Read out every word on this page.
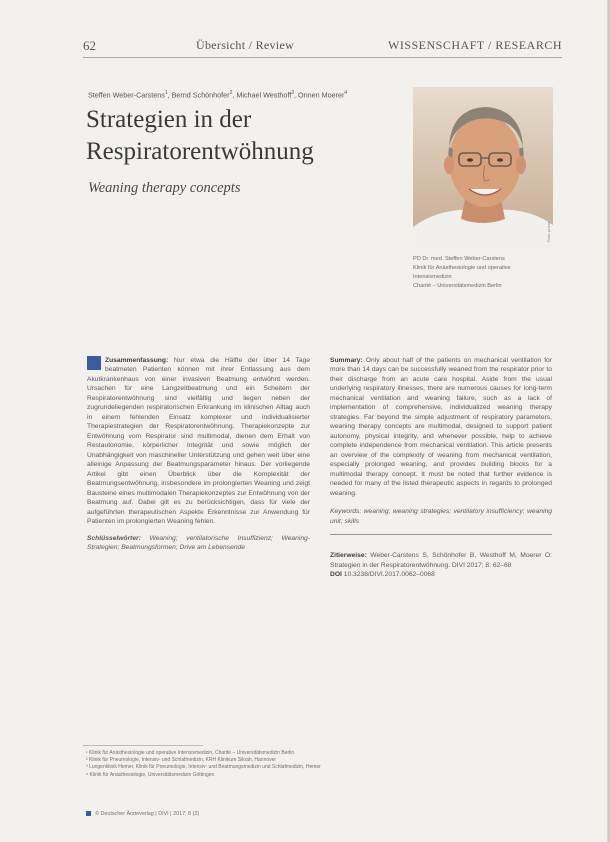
62	Übersicht / Review	WISSENSCHAFT / RESEARCH
Steffen Weber-Carstens$^1$, Bernd Schönhofer$^2$, Michael Westhoff$^3$, Onnen Moerer$^4$
Strategien in der
Respiratorentwöhnung
Weaning therapy concepts
Foto: privat
PD Dr. med. Steffen Weber-Carstens
Klinik für Anästhesiologie und operative
Intensivmedizin
Charité – Universitätsmedizin Berlin
Zusammenfassung: Nur etwa die Hälfte der über 14 Tage beatmeten Patienten können mit ihrer Entlassung aus dem Akutkrankenhaus von einer invasiven Beatmung entwöhnt werden. Ursachen für eine Langzeitbeatmung und ein Scheitern der Respiratorentwöhnung sind vielfältig und liegen neben der zugrundeliegenden respiratorischen Erkrankung im klinischen Alltag auch in einem fehlenden Einsatz komplexer und individualisierter Therapiestrategien der Respiratorentwöhnung. Therapiekonzepte zur Entwöhnung vom Respirator sind multimodal, dienen dem Erhalt von Restautonomie, körperlicher Integrität und sowie möglich der Unabhängigkeit von maschineller Unterstützung und gehen weit über eine alleinige Anpassung der Beatmungsparameter hinaus. Der vorliegende Artikel gibt einen Überblick über die Komplexität der Beatmungsentwöhnung, insbesondere im prolongierten Weaning und zeigt Bausteine eines multimodalen Therapiekonzeptes zur Entwöhnung von der Beatmung auf. Dabei gilt es zu berücksichtigen, dass für viele der aufgeführten therapeutischen Aspekte Erkenntnisse zur Anwendung für Patienten im prolongierten Weaning fehlen.
Schlüsselwörter: Weaning; ventilatorische Insuffizienz; Weaning-Strategien; Beatmungsformen; Drive am Lebensende
Summary: Only about half of the patients on mechanical ventilation for more than 14 days can be successfully weaned from the respirator prior to their discharge from an acute care hospital. Aside from the usual underlying respiratory illnesses, there are numerous causes for long-term mechanical ventilation and weaning failure, such as a lack of implementation of comprehensive, individualized weaning therapy strategies. Far beyond the simple adjustment of respiratory parameters, weaning therapy concepts are multimodal, designed to support patient autonomy, physical integrity, and whenever possible, help to achieve complete independence from mechanical ventilation. This article presents an overview of the complexity of weaning from mechanical ventilation, especially prolonged weaning, and provides building blocks for a multimodal therapy concept. It must be noted that further evidence is needed for many of the listed therapeutic aspects in regards to prolonged weaning.
Keywords: weaning; weaning strategies; ventilatory insufficiency; weaning unit; skills
Zitierweise: Weber-Carstens S, Schönhofer B, Westhoff M, Moerer O: Strategien in der Respiratorentwöhnung. DIVI 2017; 8: 62–68
DOI 10.3238/DIVI.2017.0062–0068
¹ Klinik für Anästhesiologie und operative Intensivmedizin, Charité – Universitätsmedizin Berlin
² Klinik für Pneumologie, Intensiv- und Schlafmedizin, KRH Klinikum Siloah, Hannover
³ Lungenklinik Hemer, Klinik für Pneumologie, Intensiv- und Beatmungsmedizin und Schlafmedizin, Hemer
⁴ Klinik für Anästhesiologie, Universitätsmedizin Göttingen
© Deutscher Ärzteverlag | DIVI | 2017; 8 (2)
